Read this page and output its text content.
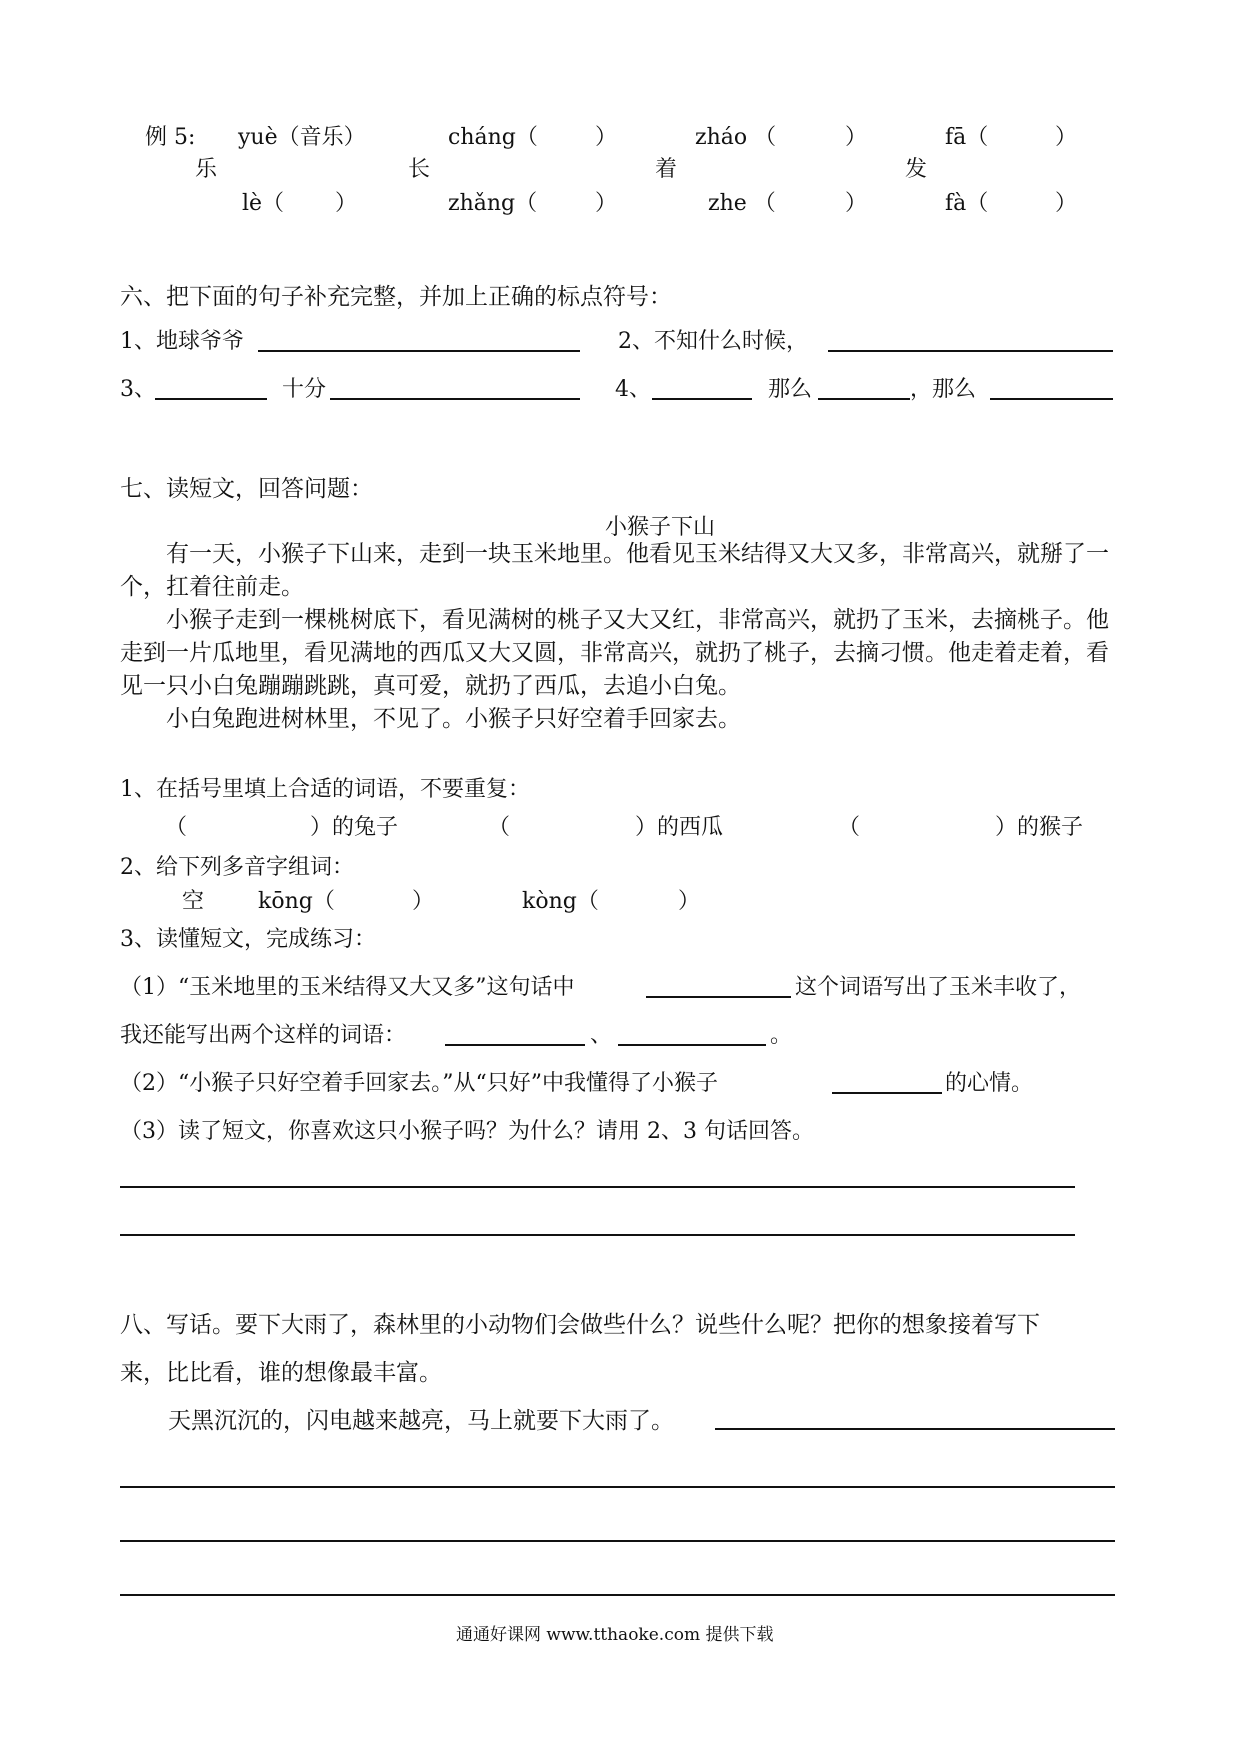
例 5: yuè（音乐）	cháng（	）	zháo （	）	fā（	）
乐	长	着	发
lè（ ）	zhǎng（	）	zhe （	）	fà（	）
六、把下面的句子补充完整，并加上正确的标点符号：
1、地球爷爷	2、不知什么时候，
3、	十分	4、	那么	，那么
七、读短文，回答问题：
小猴子下山

有一天，小猴子下山来，走到一块玉米地里。他看见玉米结得又大又多，非常高兴，就掰了一个，扛着往前走。

小猴子走到一棵桃树底下，看见满树的桃子又大又红，非常高兴，就扔了玉米，去摘桃子。他走到一片瓜地里，看见满地的西瓜又大又圆，非常高兴，就扔了桃子，去摘刁惯。他走着走着，看见一只小白兔蹦蹦跳跳，真可爱，就扔了西瓜，去追小白兔。

小白兔跑进树林里，不见了。小猴子只好空着手回家去。

1、在括号里填上合适的词语，不要重复：
（	）的兔子	（	）的西瓜	（	）的猴子
2、给下列多音字组词：
空 kōng（	）	kòng（	）
3、读懂短文，完成练习：
（1）“玉米地里的玉米结得又大又多”这句话中	这个词语写出了玉米丰收了，
我还能写出两个这样的词语：	、	。
（2）“小猴子只好空着手回家去。”从“只好”中我懂得了小猴子	的心情。
（3）读了短文，你喜欢这只小猴子吗？为什么？请用 2、3 句话回答。
八、写话。要下大雨了，森林里的小动物们会做些什么？说些什么呢？把你的想象接着写下
来，比比看，谁的想像最丰富。
天黑沉沉的，闪电越来越亮，马上就要下大雨了。
通通好课网 www.tthaoke.com 提供下载
